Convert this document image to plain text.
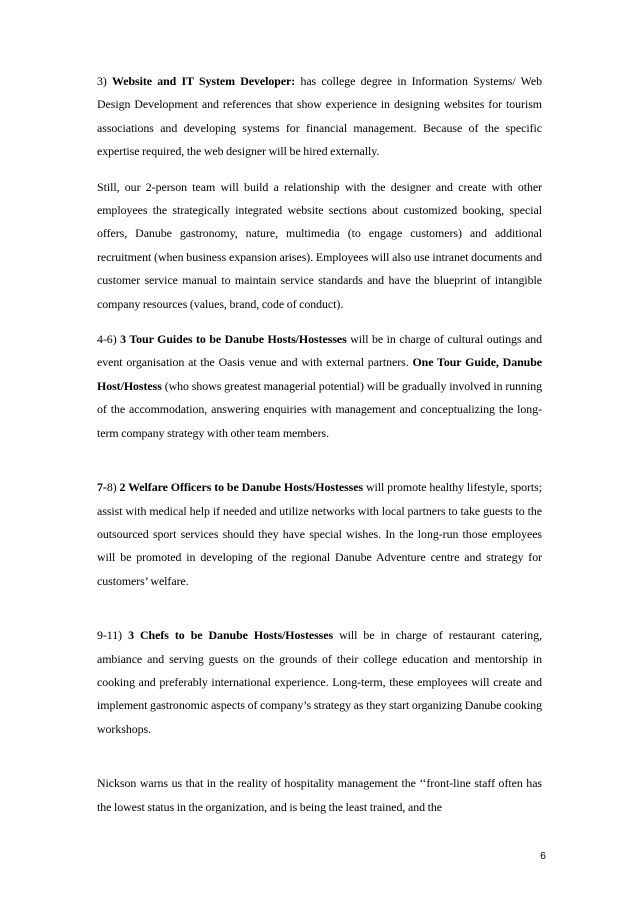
3) Website and IT System Developer: has college degree in Information Systems/ Web Design Development and references that show experience in designing websites for tourism associations and developing systems for financial management. Because of the specific expertise required, the web designer will be hired externally.

Still, our 2-person team will build a relationship with the designer and create with other employees the strategically integrated website sections about customized booking, special offers, Danube gastronomy, nature, multimedia (to engage customers) and additional recruitment (when business expansion arises). Employees will also use intranet documents and customer service manual to maintain service standards and have the blueprint of intangible company resources (values, brand, code of conduct).

4-6) 3 Tour Guides to be Danube Hosts/Hostesses will be in charge of cultural outings and event organisation at the Oasis venue and with external partners. One Tour Guide, Danube Host/Hostess (who shows greatest managerial potential) will be gradually involved in running of the accommodation, answering enquiries with management and conceptualizing the long-term company strategy with other team members.

7-8) 2 Welfare Officers to be Danube Hosts/Hostesses will promote healthy lifestyle, sports; assist with medical help if needed and utilize networks with local partners to take guests to the outsourced sport services should they have special wishes. In the long-run those employees will be promoted in developing of the regional Danube Adventure centre and strategy for customers’ welfare.

9-11) 3 Chefs to be Danube Hosts/Hostesses will be in charge of restaurant catering, ambiance and serving guests on the grounds of their college education and mentorship in cooking and preferably international experience. Long-term, these employees will create and implement gastronomic aspects of company’s strategy as they start organizing Danube cooking workshops.

Nickson warns us that in the reality of hospitality management the ‘‘front-line staff often has the lowest status in the organization, and is being the least trained, and the

6
